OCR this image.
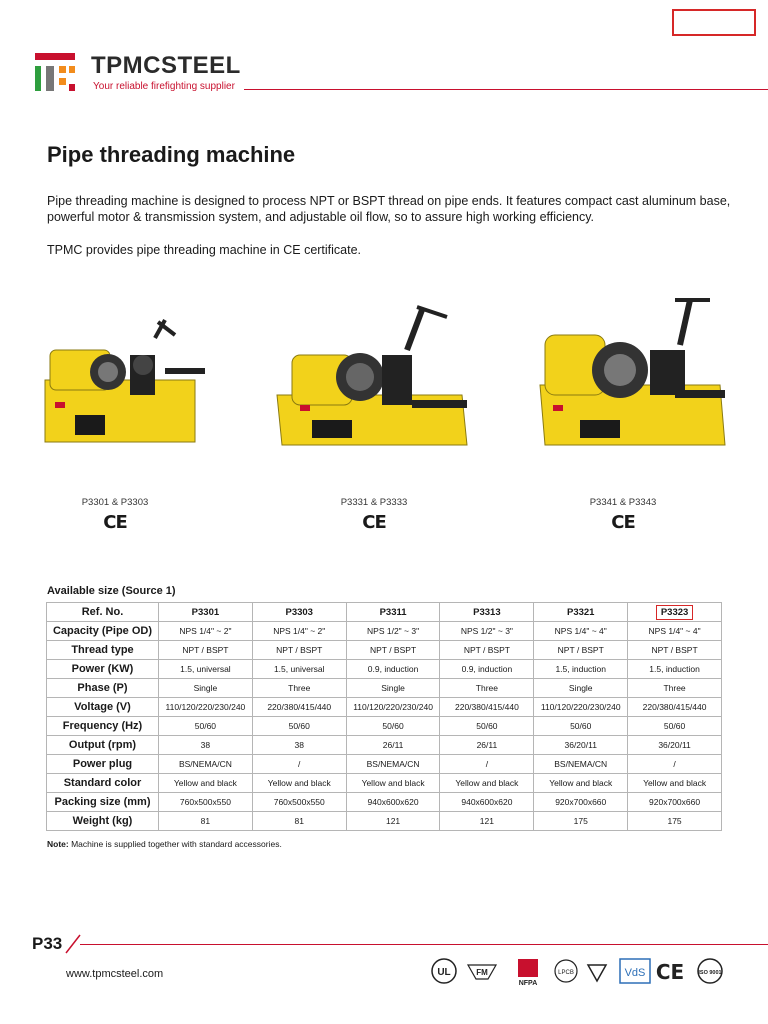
TPMCSTEEL
Your reliable firefighting supplier
Pipe threading machine
Pipe threading machine is designed to process NPT or BSPT thread on pipe ends. It features compact cast aluminum base, powerful motor & transmission system, and adjustable oil flow, so to assure high working efficiency.
TPMC provides pipe threading machine in CE certificate.
P3301 & P3303	P3331 & P3333	P3341 & P3343
CE	CE	CE
Available size (Source 1)
Ref. No.	P3301	P3303	P3311	P3313	P3321	P3323
Capacity (Pipe OD)	NPS 1/4" ~ 2"	NPS 1/4" ~ 2"	NPS 1/2" ~ 3"	NPS 1/2" ~ 3"	NPS 1/4" ~ 4"	NPS 1/4" ~ 4"
Thread type	NPT / BSPT	NPT / BSPT	NPT / BSPT	NPT / BSPT	NPT / BSPT	NPT / BSPT
Power (KW)	1.5, universal	1.5, universal	0.9, induction	0.9, induction	1.5, induction	1.5, induction
Phase (P)	Single	Three	Single	Three	Single	Three
Voltage (V)	110/120/220/230/240	220/380/415/440	110/120/220/230/240	220/380/415/440	110/120/220/230/240	220/380/415/440
Frequency (Hz)	50/60	50/60	50/60	50/60	50/60	50/60
Output (rpm)	38	38	26/11	26/11	36/20/11	36/20/11
Power plug	BS/NEMA/CN	/	BS/NEMA/CN	/	BS/NEMA/CN	/
Standard color	Yellow and black	Yellow and black	Yellow and black	Yellow and black	Yellow and black	Yellow and black
Packing size (mm)	760x500x550	760x500x550	940x600x620	940x600x620	920x700x660	920x700x660
Weight (kg)	81	81	121	121	175	175
Note: Machine is supplied together with standard accessories.
P33
www.tpmcsteel.com	UL	FM
NFPA
LPCB	VdS CE	ISO 9001
